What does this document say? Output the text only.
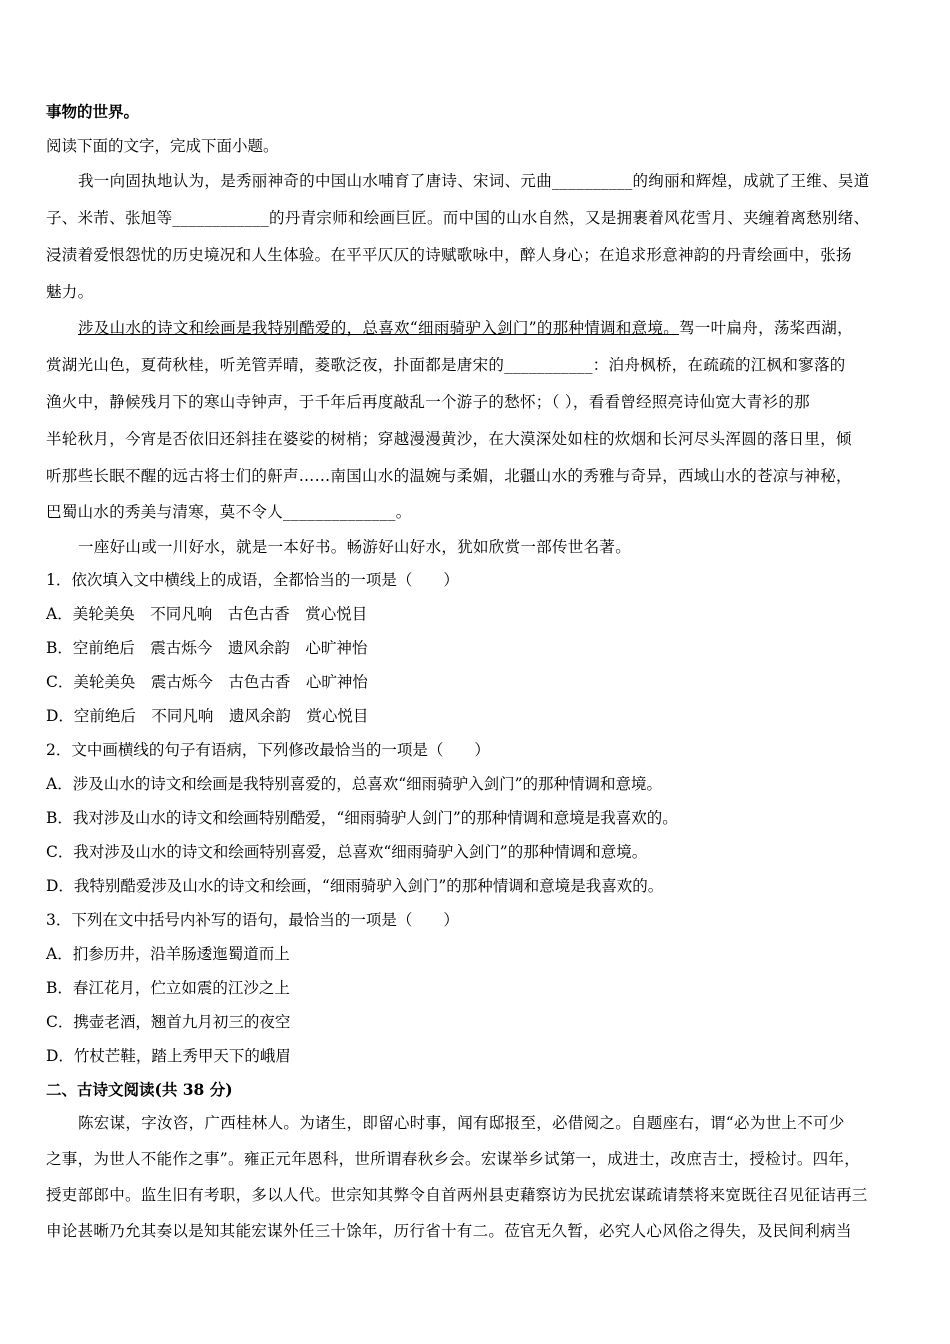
事物的世界。
阅读下面的文字，完成下面小题。
我一向固执地认为，是秀丽神奇的中国山水哺育了唐诗、宋词、元曲__________的绚丽和辉煌，成就了王维、吴道
子、米芾、张旭等____________的丹青宗师和绘画巨匠。而中国的山水自然，又是拥裹着风花雪月、夹缠着离愁别绪、
浸渍着爱恨怨忧的历史境况和人生体验。在平平仄仄的诗赋歌咏中，醉人身心；在追求形意神韵的丹青绘画中，张扬
魅力。
涉及山水的诗文和绘画是我特别酷爱的，总喜欢“细雨骑驴入剑门”的那种情调和意境。驾一叶扁舟，荡桨西湖，
赏湖光山色，夏荷秋桂，听羌管弄晴，菱歌泛夜，扑面都是唐宋的___________：泊舟枫桥，在疏疏的江枫和寥落的
渔火中，静候残月下的寒山寺钟声，于千年后再度敲乱一个游子的愁怀；（ ），看看曾经照亮诗仙宽大青衫的那
半轮秋月，今宵是否依旧还斜挂在婆娑的树梢；穿越漫漫黄沙，在大漠深处如柱的炊烟和长河尽头浑圆的落日里，倾
听那些长眠不醒的远古将士们的鼾声……南国山水的温婉与柔媚，北疆山水的秀雅与奇异，西域山水的苍凉与神秘，
巴蜀山水的秀美与清寒，莫不令人______________。
一座好山或一川好水，就是一本好书。畅游好山好水，犹如欣赏一部传世名著。
1．依次填入文中横线上的成语，全都恰当的一项是（　　）
A．美轮美奂　不同凡响　古色古香　赏心悦目
B．空前绝后　震古烁今　遗风余韵　心旷神怡
C．美轮美奂　震古烁今　古色古香　心旷神怡
D．空前绝后　不同凡响　遗风余韵　赏心悦目
2．文中画横线的句子有语病，下列修改最恰当的一项是（　　）
A．涉及山水的诗文和绘画是我特别喜爱的，总喜欢“细雨骑驴入剑门”的那种情调和意境。
B．我对涉及山水的诗文和绘画特别酷爱，“细雨骑驴人剑门”的那种情调和意境是我喜欢的。
C．我对涉及山水的诗文和绘画特别喜爱，总喜欢“细雨骑驴入剑门”的那种情调和意境。
D．我特别酷爱涉及山水的诗文和绘画，“细雨骑驴入剑门”的那种情调和意境是我喜欢的。
3．下列在文中括号内补写的语句，最恰当的一项是（　　）
A．扪参历井，沿羊肠逶迤蜀道而上
B．春江花月，伫立如震的江沙之上
C．携壶老酒，翘首九月初三的夜空
D．竹杖芒鞋，踏上秀甲天下的峨眉
二、古诗文阅读(共 38 分)
陈宏谋，字汝咨，广西桂林人。为诸生，即留心时事，闻有邸报至，必借阅之。自题座右，谓“必为世上不可少
之事，为世人不能作之事”。雍正元年恩科，世所谓春秋乡会。宏谋举乡试第一，成进士，改庶吉士，授检讨。四年，
授吏部郎中。监生旧有考职，多以人代。世宗知其弊令自首两州县吏藉察访为民扰宏谋疏请禁将来宽既往召见征诘再三
申论甚晰乃允其奏以是知其能宏谋外任三十馀年，历行省十有二。莅官无久暂，必究人心风俗之得失，及民间利病当
